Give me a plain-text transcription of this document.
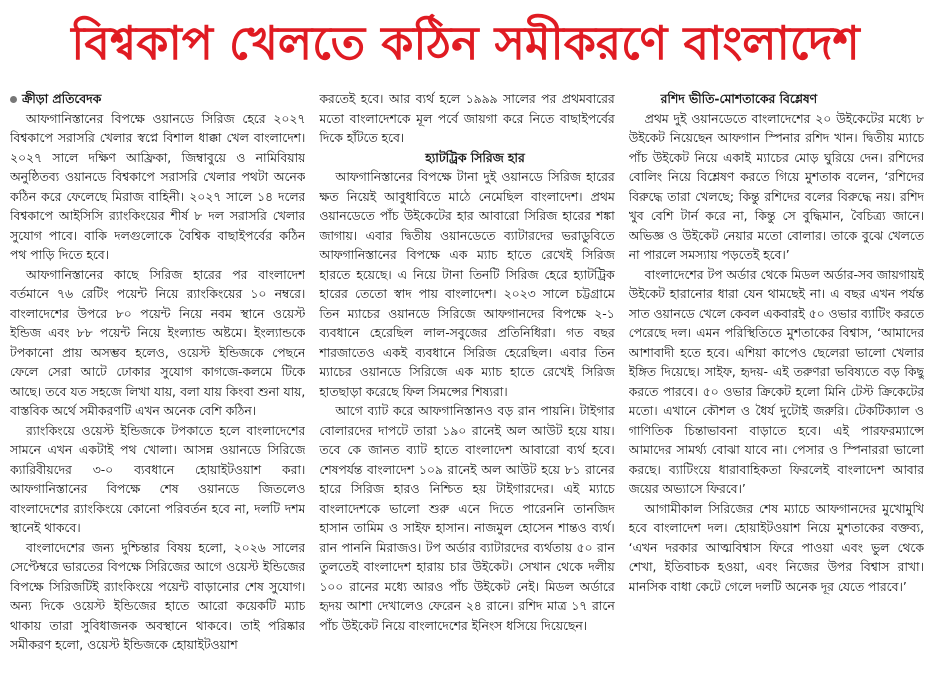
বিশ্বকাপ খেলতে কঠিন সমীকরণে বাংলাদেশ

ক্রীড়া প্রতিবেদক

আফগানিস্তানের বিপক্ষে ওয়ানডে সিরিজ হেরে ২০২৭ বিশ্বকাপে সরাসরি খেলার স্বপ্নে বিশাল ধাক্কা খেল বাংলাদেশ। ২০২৭ সালে দক্ষিণ আফ্রিকা, জিম্বাবুয়ে ও নামিবিয়ায় অনুষ্ঠিতব্য ওয়ানডে বিশ্বকাপে সরাসরি খেলার পথটা অনেক কঠিন করে ফেলেছে মিরাজ বাহিনী। ২০২৭ সালে ১৪ দলের বিশ্বকাপে আইসিসি র‌্যাংকিংয়ের শীর্ষ ৮ দল সরাসরি খেলার সুযোগ পাবে। বাকি দলগুলোকে বৈশ্বিক বাছাইপর্বের কঠিন পথ পাড়ি দিতে হবে।

আফগানিস্তানের কাছে সিরিজ হারের পর বাংলাদেশ বর্তমানে ৭৬ রেটিং পয়েন্ট নিয়ে র‌্যাংকিংয়ের ১০ নম্বরে। বাংলাদেশের উপরে ৮০ পয়েন্ট নিয়ে নবম স্থানে ওয়েস্ট ইন্ডিজ এবং ৮৮ পয়েন্ট নিয়ে ইংল্যান্ড অষ্টমে। ইংল্যান্ডকে টপকানো প্রায় অসম্ভব হলেও, ওয়েস্ট ইন্ডিজকে পেছনে ফেলে সেরা আটে ঢোকার সুযোগ কাগজে-কলমে টিকে আছে। তবে যত সহজে লিখা যায়, বলা যায় কিংবা শুনা যায়, বাস্তবিক অর্থে সমীকরণটি এখন অনেক বেশি কঠিন।

র‌্যাংকিংয়ে ওয়েস্ট ইন্ডিজকে টপকাতে হলে বাংলাদেশের সামনে এখন একটাই পথ খোলা। আসন্ন ওয়ানডে সিরিজে ক্যারিবীয়দের ৩-০ ব্যবধানে হোয়াইটওয়াশ করা। আফগানিস্তানের বিপক্ষে শেষ ওয়ানডে জিতলেও বাংলাদেশের র‌্যাংকিংয়ে কোনো পরিবর্তন হবে না, দলটি দশম স্থানেই থাকবে।

বাংলাদেশের জন্য দুশ্চিন্তার বিষয় হলো, ২০২৬ সালের সেপ্টেম্বরে ভারতের বিপক্ষে সিরিজের আগে ওয়েস্ট ইন্ডিজের বিপক্ষে সিরিজটিই র‌্যাংকিংয়ে পয়েন্ট বাড়ানোর শেষ সুযোগ। অন্য দিকে ওয়েস্ট ইন্ডিজের হাতে আরো কয়েকটি ম্যাচ থাকায় তারা সুবিধাজনক অবস্থানে থাকবে। তাই পরিষ্কার সমীকরণ হলো, ওয়েস্ট ইন্ডিজকে হোয়াইটওয়াশ

করতেই হবে। আর ব্যর্থ হলে ১৯৯৯ সালের পর প্রথমবারের মতো বাংলাদেশকে মূল পর্বে জায়গা করে নিতে বাছাইপর্বের দিকে হাঁটতে হবে।

হ্যাটট্রিক সিরিজ হার

আফগানিস্তানের বিপক্ষে টানা দুই ওয়ানডে সিরিজ হারের ক্ষত নিয়েই আবুধাবিতে মাঠে নেমেছিল বাংলাদেশ। প্রথম ওয়ানডেতে পাঁচ উইকেটের হার আবারো সিরিজ হারের শঙ্কা জাগায়। এবার দ্বিতীয় ওয়ানডেতে ব্যাটারদের ভরাডুবিতে আফগানিস্তানের বিপক্ষে এক ম্যাচ হাতে রেখেই সিরিজ হারতে হয়েছে। এ নিয়ে টানা তিনটি সিরিজ হেরে হ্যাটট্রিক হারের তেতো স্বাদ পায় বাংলাদেশ। ২০২৩ সালে চট্টগ্রামে তিন ম্যাচের ওয়ানডে সিরিজে আফগানদের বিপক্ষে ২-১ ব্যবধানে হেরেছিল লাল-সবুজের প্রতিনিধিরা। গত বছর শারজাতেও একই ব্যবধানে সিরিজ হেরেছিল। এবার তিন ম্যাচের ওয়ানডে সিরিজে এক ম্যাচ হাতে রেখেই সিরিজ হাতছাড়া করেছে ফিল সিমন্সের শিষ্যরা।

আগে ব্যাট করে আফগানিস্তানও বড় রান পায়নি। টাইগার বোলারদের দাপটে তারা ১৯০ রানেই অল আউট হয়ে যায়। তবে কে জানত ব্যাট হাতে বাংলাদেশ আবারো ব্যর্থ হবে। শেষপর্যন্ত বাংলাদেশ ১০৯ রানেই অল আউট হয়ে ৮১ রানের হারে সিরিজ হারও নিশ্চিত হয় টাইগারদের। এই ম্যাচে বাংলাদেশকে ভালো শুরু এনে দিতে পারেননি তানজিদ হাসান তামিম ও সাইফ হাসান। নাজমুল হোসেন শান্তও ব্যর্থ। রান পাননি মিরাজও। টপ অর্ডার ব্যাটারদের ব্যর্থতায় ৫০ রান তুলতেই বাংলাদেশ হারায় চার উইকেট। সেখান থেকে দলীয় ১০০ রানের মধ্যে আরও পাঁচ উইকেট নেই। মিডল অর্ডারে হৃদয় আশা দেখালেও ফেরেন ২৪ রানে। রশিদ মাত্র ১৭ রানে পাঁচ উইকেট নিয়ে বাংলাদেশের ইনিংস ধসিয়ে দিয়েছেন।

রশিদ ভীতি-মোশতাকের বিশ্লেষণ

প্রথম দুই ওয়ানডেতে বাংলাদেশের ২০ উইকেটের মধ্যে ৮ উইকেট নিয়েছেন আফগান স্পিনার রশিদ খান। দ্বিতীয় ম্যাচে পাঁচ উইকেট নিয়ে একাই ম্যাচের মোড় ঘুরিয়ে দেন। রশিদের বোলিং নিয়ে বিশ্লেষণ করতে গিয়ে মুশতাক বলেন, ‘রশিদের বিরুদ্ধে তারা খেলছে; কিন্তু রশিদের বলের বিরুদ্ধে নয়। রশিদ খুব বেশি টার্ন করে না, কিন্তু সে বুদ্ধিমান, বৈচিত্র্য জানে। অভিজ্ঞ ও উইকেট নেয়ার মতো বোলার। তাকে বুঝে খেলতে না পারলে সমস্যায় পড়তেই হবে।’

বাংলাদেশের টপ অর্ডার থেকে মিডল অর্ডার-সব জায়গায়ই উইকেট হারানোর ধারা যেন থামছেই না। এ বছর এখন পর্যন্ত সাত ওয়ানডে খেলে কেবল একবারই ৫০ ওভার ব্যাটিং করতে পেরেছে দল। এমন পরিস্থিতিতে মুশতাকের বিশ্বাস, ‘আমাদের আশাবাদী হতে হবে। এশিয়া কাপেও ছেলেরা ভালো খেলার ইঙ্গিত দিয়েছে। সাইফ, হৃদয়- এই তরুণরা ভবিষ্যতে বড় কিছু করতে পারবে। ৫০ ওভার ক্রিকেট হলো মিনি টেস্ট ক্রিকেটের মতো। এখানে কৌশল ও ধৈর্য দুটোই জরুরি। টেকটিক্যাল ও গাণিতিক চিন্তাভাবনা বাড়াতে হবে। এই পারফরম্যান্সে আমাদের সামর্থ্য বোঝা যাবে না। পেসার ও স্পিনাররা ভালো করছে। ব্যাটিংয়ে ধারাবাহিকতা ফিরলেই বাংলাদেশ আবার জয়ের অভ্যাসে ফিরবে।’

আগামীকাল সিরিজের শেষ ম্যাচে আফগানদের মুখোমুখি হবে বাংলাদেশ দল। হোয়াইটওয়াশ নিয়ে মুশতাকের বক্তব্য, ‘এখন দরকার আত্মবিশ্বাস ফিরে পাওয়া এবং ভুল থেকে শেখা, ইতিবাচক হওয়া, এবং নিজের উপর বিশ্বাস রাখা। মানসিক বাধা কেটে গেলে দলটি অনেক দূর যেতে পারবে।’
